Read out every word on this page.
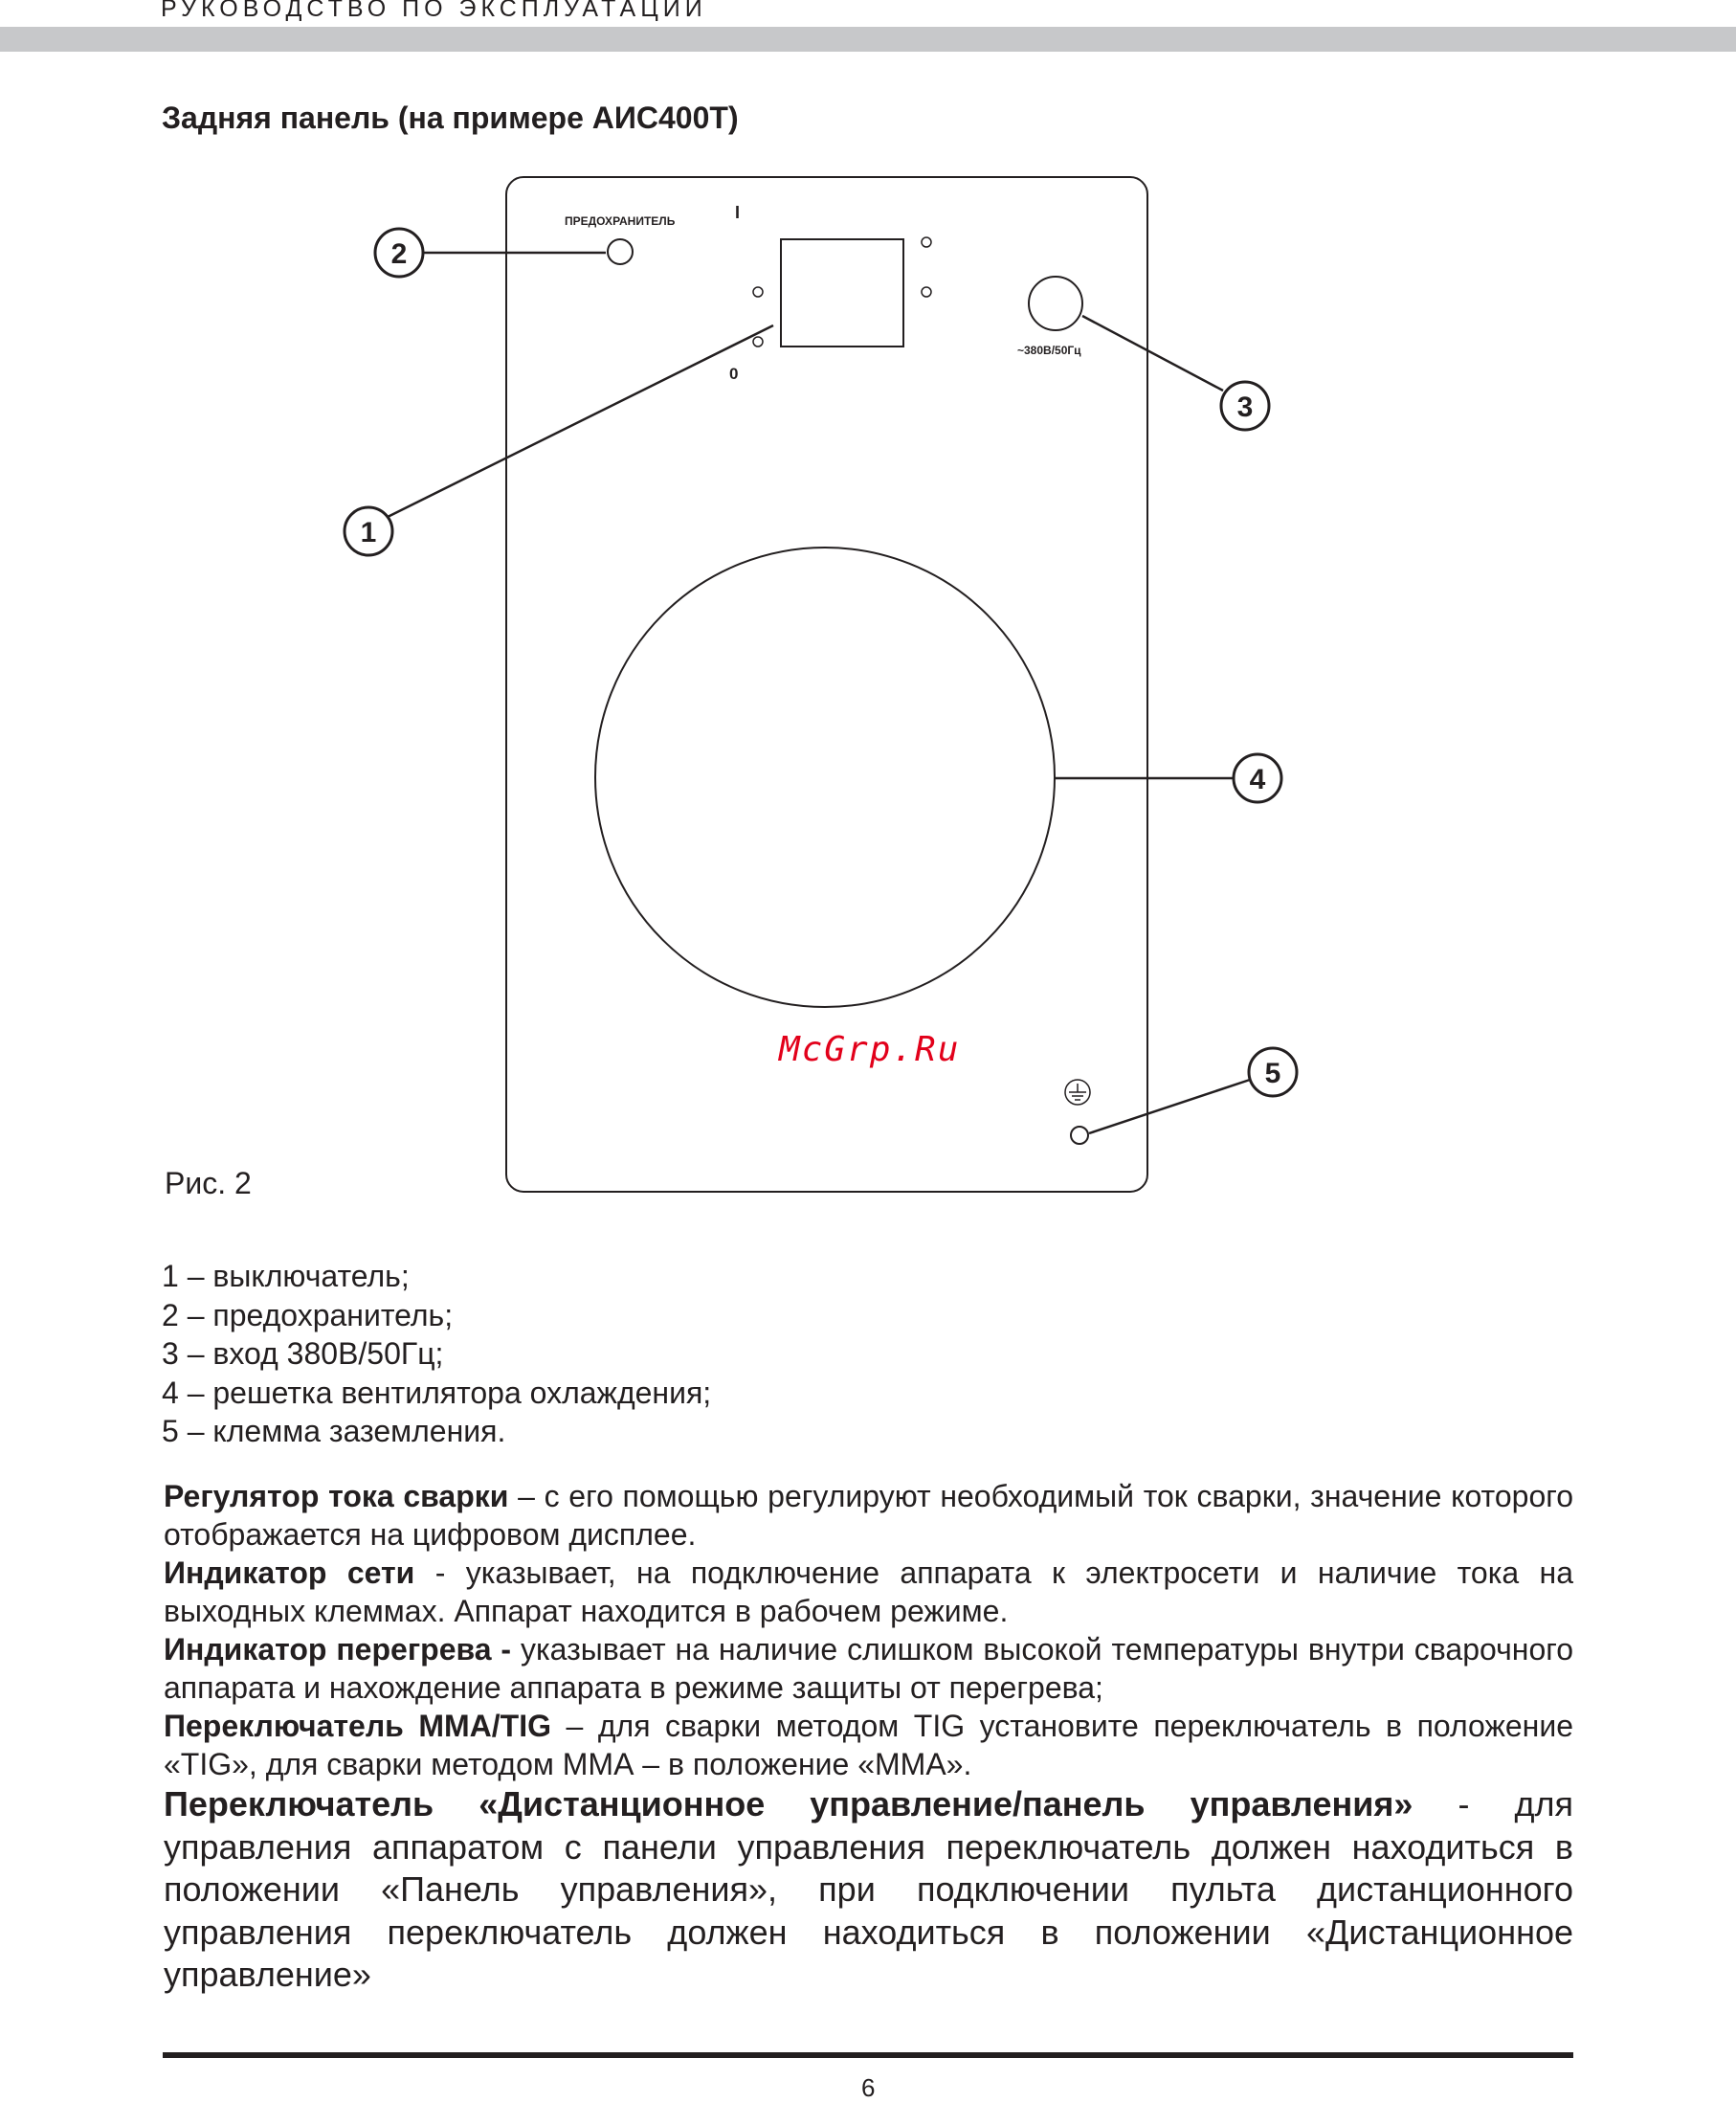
РУКОВОДСТВО ПО ЭКСПЛУАТАЦИИ
Задняя панель (на примере АИС400Т)
ПРЕДОХРАНИТЕЛЬ	I
0
~380В/50Гц
1
2
3
4
5
McGrp.Ru
Рис. 2
1 – выключатель;
2 – предохранитель;
3 – вход 380В/50Гц;
4 – решетка вентилятора охлаждения;
5 – клемма заземления.

Регулятор тока сварки – с его помощью регулируют необходимый ток сварки, значение которого отображается на цифровом дисплее.

Индикатор сети - указывает, на подключение аппарата к электросети и наличие тока на выходных клеммах. Аппарат находится в рабочем режиме.

Индикатор перегрева - указывает на наличие слишком высокой температуры внутри сварочного аппарата и нахождение аппарата в режиме защиты от перегрева;

Переключатель ММА/TIG – для сварки методом TIG установите переключатель в положение «TIG», для сварки методом ММА – в положение «ММА».

Переключатель «Дистанционное управление/панель управления» - для управления аппаратом с панели управления переключатель должен находиться в положении «Панель управления», при подключении пульта дистанционного управления переключатель должен находиться в положении «Дистанционное управление»

6
